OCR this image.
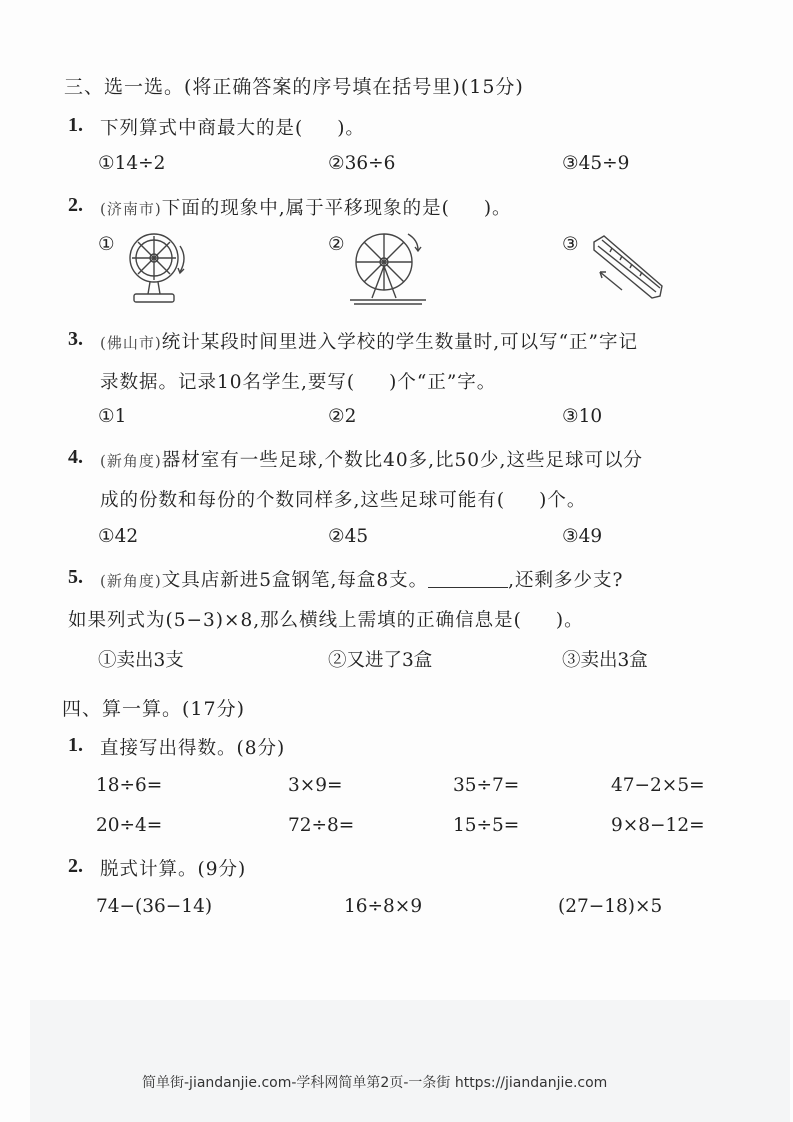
三、选一选。(将正确答案的序号填在括号里)(15分)
1. 下列算式中商最大的是( )。
①14÷2	②36÷6	③45÷9
2. (济南市)下面的现象中,属于平移现象的是( )。
①	②	③
3. (佛山市)统计某段时间里进入学校的学生数量时,可以写“正”字记
录数据。记录10名学生,要写( )个“正”字。
①1	②2	③10
4. (新角度)器材室有一些足球,个数比40多,比50少,这些足球可以分
成的份数和每份的个数同样多,这些足球可能有( )个。
①42	②45	③49
5. (新角度)文具店新进5盒钢笔,每盒8支。	,还剩多少支?
如果列式为(5−3)×8,那么横线上需填的正确信息是( )。
①卖出3支	②又进了3盒	③卖出3盒
四、算一算。(17分)
1. 直接写出得数。(8分)
18÷6=	3×9=	35÷7=	47−2×5=
20÷4=	72÷8=	15÷5=	9×8−12=
2. 脱式计算。(9分)
74−(36−14)	16÷8×9	(27−18)×5
简单街-jiandanjie.com-学科网简单第2页-一条街 https://jiandanjie.com
